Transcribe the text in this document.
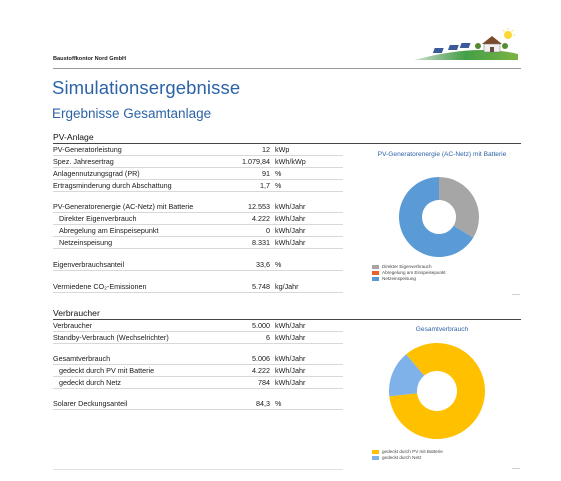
Baustoffkontor Nord GmbH
Simulationsergebnisse
Ergebnisse Gesamtanlage
PV-Anlage
PV-Generatorleistung	12 kWp
Spez. Jahresertrag	1.079,84 kWh/kWp
Anlagennutzungsgrad (PR)	91 %
Ertragsminderung durch Abschattung	1,7 %
PV-Generatorenergie (AC-Netz) mit Batterie	12.553 kWh/Jahr
Direkter Eigenverbrauch	4.222 kWh/Jahr
Abregelung am Einspeisepunkt	0 kWh/Jahr
Netzeinspeisung	8.331 kWh/Jahr
Eigenverbrauchsanteil	33,6 %
Vermiedene CO₂-Emissionen	5.748 kg/Jahr
PV-Generatorenergie (AC-Netz) mit Batterie
Direkter Eigenverbrauch
Abregelung am Einspeisepunkt
Netzeinspeisung
Verbraucher
Verbraucher	5.000 kWh/Jahr
Standby-Verbrauch (Wechselrichter)	6 kWh/Jahr
Gesamtverbrauch	5.006 kWh/Jahr
gedeckt durch PV mit Batterie	4.222 kWh/Jahr
gedeckt durch Netz	784 kWh/Jahr
Solarer Deckungsanteil	84,3 %
Gesamtverbrauch
gedeckt durch PV mit Batterie
gedeckt durch Netz
